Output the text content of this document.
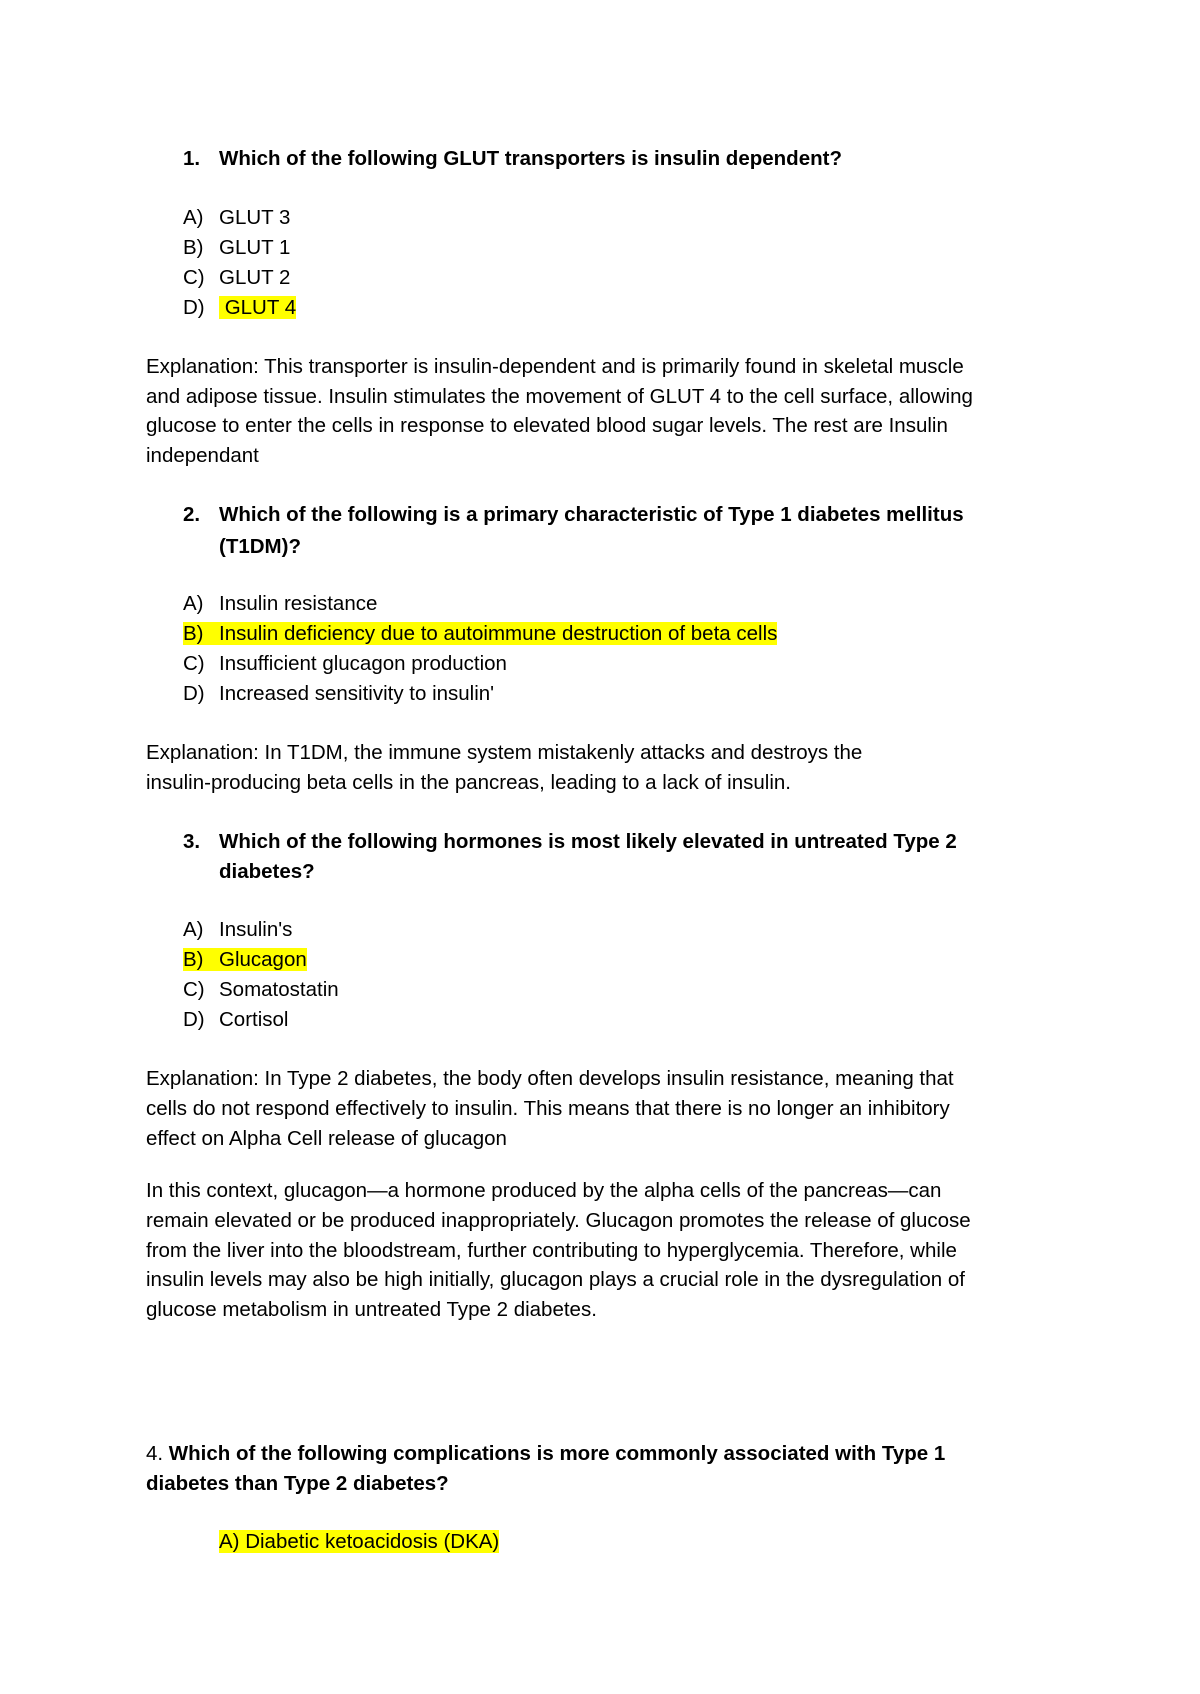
1. Which of the following GLUT transporters is insulin dependent?
A) GLUT 3
B) GLUT 1
C) GLUT 2
D) GLUT 4
Explanation: This transporter is insulin-dependent and is primarily found in skeletal muscle
and adipose tissue. Insulin stimulates the movement of GLUT 4 to the cell surface, allowing
glucose to enter the cells in response to elevated blood sugar levels. The rest are Insulin
independant
2. Which of the following is a primary characteristic of Type 1 diabetes mellitus
(T1DM)?
A) Insulin resistance
B) Insulin deficiency due to autoimmune destruction of beta cells
C) Insufficient glucagon production
D) Increased sensitivity to insulin'
Explanation: In T1DM, the immune system mistakenly attacks and destroys the
insulin-producing beta cells in the pancreas, leading to a lack of insulin.
3. Which of the following hormones is most likely elevated in untreated Type 2
diabetes?
A) Insulin's
B) Glucagon
C) Somatostatin
D) Cortisol
Explanation: In Type 2 diabetes, the body often develops insulin resistance, meaning that
cells do not respond effectively to insulin. This means that there is no longer an inhibitory
effect on Alpha Cell release of glucagon
In this context, glucagon—a hormone produced by the alpha cells of the pancreas—can
remain elevated or be produced inappropriately. Glucagon promotes the release of glucose
from the liver into the bloodstream, further contributing to hyperglycemia. Therefore, while
insulin levels may also be high initially, glucagon plays a crucial role in the dysregulation of
glucose metabolism in untreated Type 2 diabetes.
4. Which of the following complications is more commonly associated with Type 1
diabetes than Type 2 diabetes?
A) Diabetic ketoacidosis (DKA)
